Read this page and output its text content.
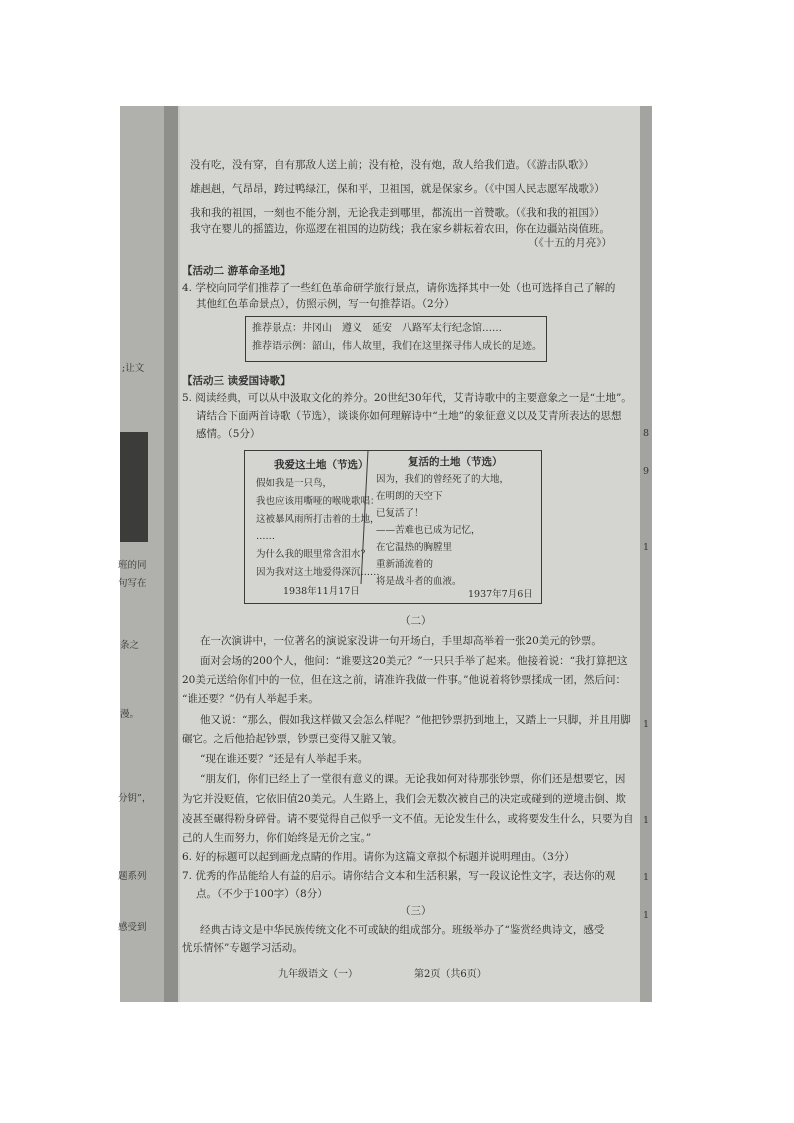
;让文
班的同
句写在
条之
漫。
分钥”，
题系列
感受到
8
9
1
1
1
1
1
没有吃，没有穿，自有那敌人送上前；没有枪，没有炮，敌人给我们造。（《游击队歌》）
雄赳赳，气昂昂，跨过鸭绿江，保和平，卫祖国，就是保家乡。（《中国人民志愿军战歌》）
我和我的祖国，一刻也不能分割，无论我走到哪里，都流出一首赞歌。（《我和我的祖国》）
我守在婴儿的摇篮边，你巡逻在祖国的边防线；我在家乡耕耘着农田，你在边疆站岗值班。
（《十五的月亮》）
【活动二 游革命圣地】
4. 学校向同学们推荐了一些红色革命研学旅行景点，请你选择其中一处（也可选择自己了解的
其他红色革命景点），仿照示例，写一句推荐语。（2分）
推荐景点：井冈山　遵义　延安　八路军太行纪念馆……
推荐语示例：韶山，伟人故里，我们在这里探寻伟人成长的足迹。
【活动三 读爱国诗歌】
5. 阅读经典，可以从中汲取文化的养分。20世纪30年代，艾青诗歌中的主要意象之一是“土地”。
请结合下面两首诗歌（节选），谈谈你如何理解诗中“土地”的象征意义以及艾青所表达的思想
感情。（5分）
我爱这土地（节选）
假如我是一只鸟，
我也应该用嘶哑的喉咙歌唱：
这被暴风雨所打击着的土地，
……
为什么我的眼里常含泪水？
因为我对这土地爱得深沉……
1938年11月17日
复活的土地（节选）
因为，我们的曾经死了的大地，
在明朗的天空下
已复活了！
——苦难也已成为记忆，
在它温热的胸膛里
重新涌流着的
将是战斗者的血液。
1937年7月6日
（二）
在一次演讲中，一位著名的演说家没讲一句开场白，手里却高举着一张20美元的钞票。
面对会场的200个人，他问：“谁要这20美元？”一只只手举了起来。他接着说：“我打算把这
20美元送给你们中的一位，但在这之前，请准许我做一件事。”他说着将钞票揉成一团，然后问：
“谁还要？”仍有人举起手来。
他又说：“那么，假如我这样做又会怎么样呢？”他把钞票扔到地上，又踏上一只脚，并且用脚
碾它。之后他拾起钞票，钞票已变得又脏又皱。
“现在谁还要？”还是有人举起手来。
“朋友们，你们已经上了一堂很有意义的课。无论我如何对待那张钞票，你们还是想要它，因
为它并没贬值，它依旧值20美元。人生路上，我们会无数次被自己的决定或碰到的逆境击倒、欺
凌甚至碾得粉身碎骨。请不要觉得自己似乎一文不值。无论发生什么，或将要发生什么，只要为自
己的人生而努力，你们始终是无价之宝。”
6. 好的标题可以起到画龙点睛的作用。请你为这篇文章拟个标题并说明理由。（3分）
7. 优秀的作品能给人有益的启示。请你结合文本和生活积累，写一段议论性文字，表达你的观
点。（不少于100字）（8分）
（三）
经典古诗文是中华民族传统文化不可或缺的组成部分。班级举办了“鉴赏经典诗文，感受
忧乐情怀”专题学习活动。
九年级语文（一）	第2页（共6页）
